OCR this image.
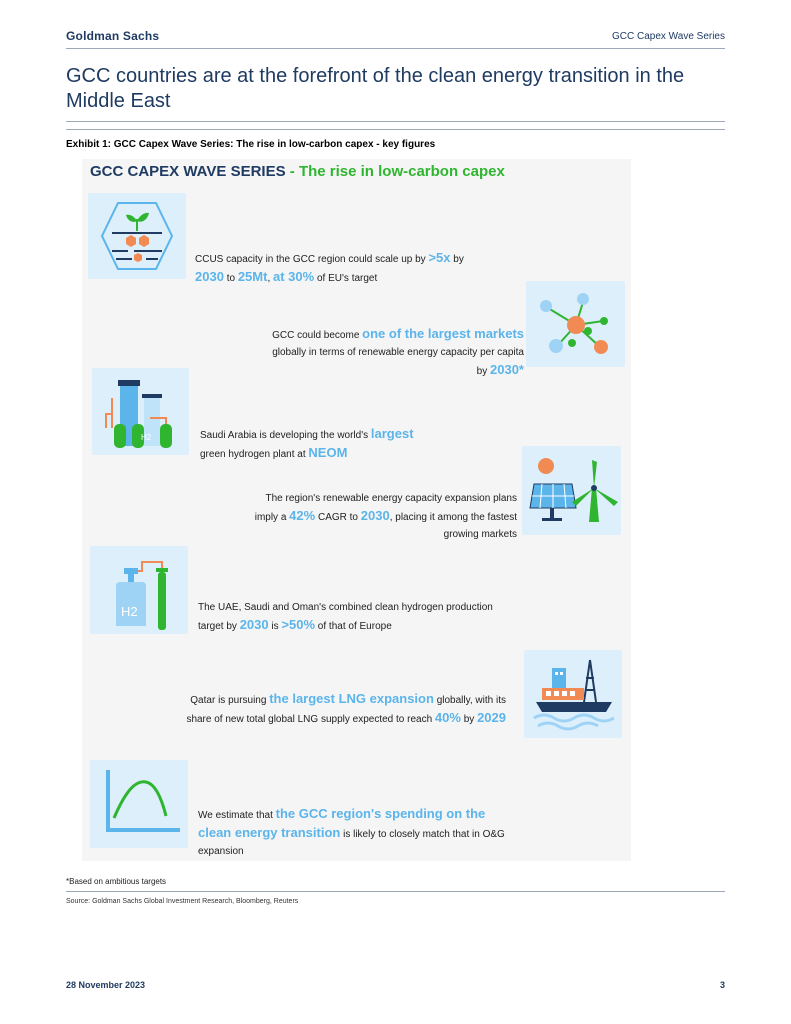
Goldman Sachs	GCC Capex Wave Series
GCC countries are at the forefront of the clean energy transition in the Middle East
Exhibit 1: GCC Capex Wave Series: The rise in low-carbon capex - key figures
GCC CAPEX WAVE SERIES - The rise in low-carbon capex
CCUS capacity in the GCC region could scale up by >5x by
2030 to 25Mt, at 30% of EU's target
GCC could become one of the largest markets globally in terms of renewable energy capacity per capita by 2030*
H2	Saudi Arabia is developing the world's largest
green hydrogen plant at NEOM
The region's renewable energy capacity expansion plans imply a 42% CAGR to 2030, placing it among the fastest growing markets
H2	The UAE, Saudi and Oman's combined clean hydrogen production target by 2030 is >50% of that of Europe
Qatar is pursuing the largest LNG expansion globally, with its share of new total global LNG supply expected to reach 40% by 2029
We estimate that the GCC region's spending on the clean energy transition is likely to closely match that in O&G expansion
*Based on ambitious targets
Source: Goldman Sachs Global Investment Research, Bloomberg, Reuters
28 November 2023	3
